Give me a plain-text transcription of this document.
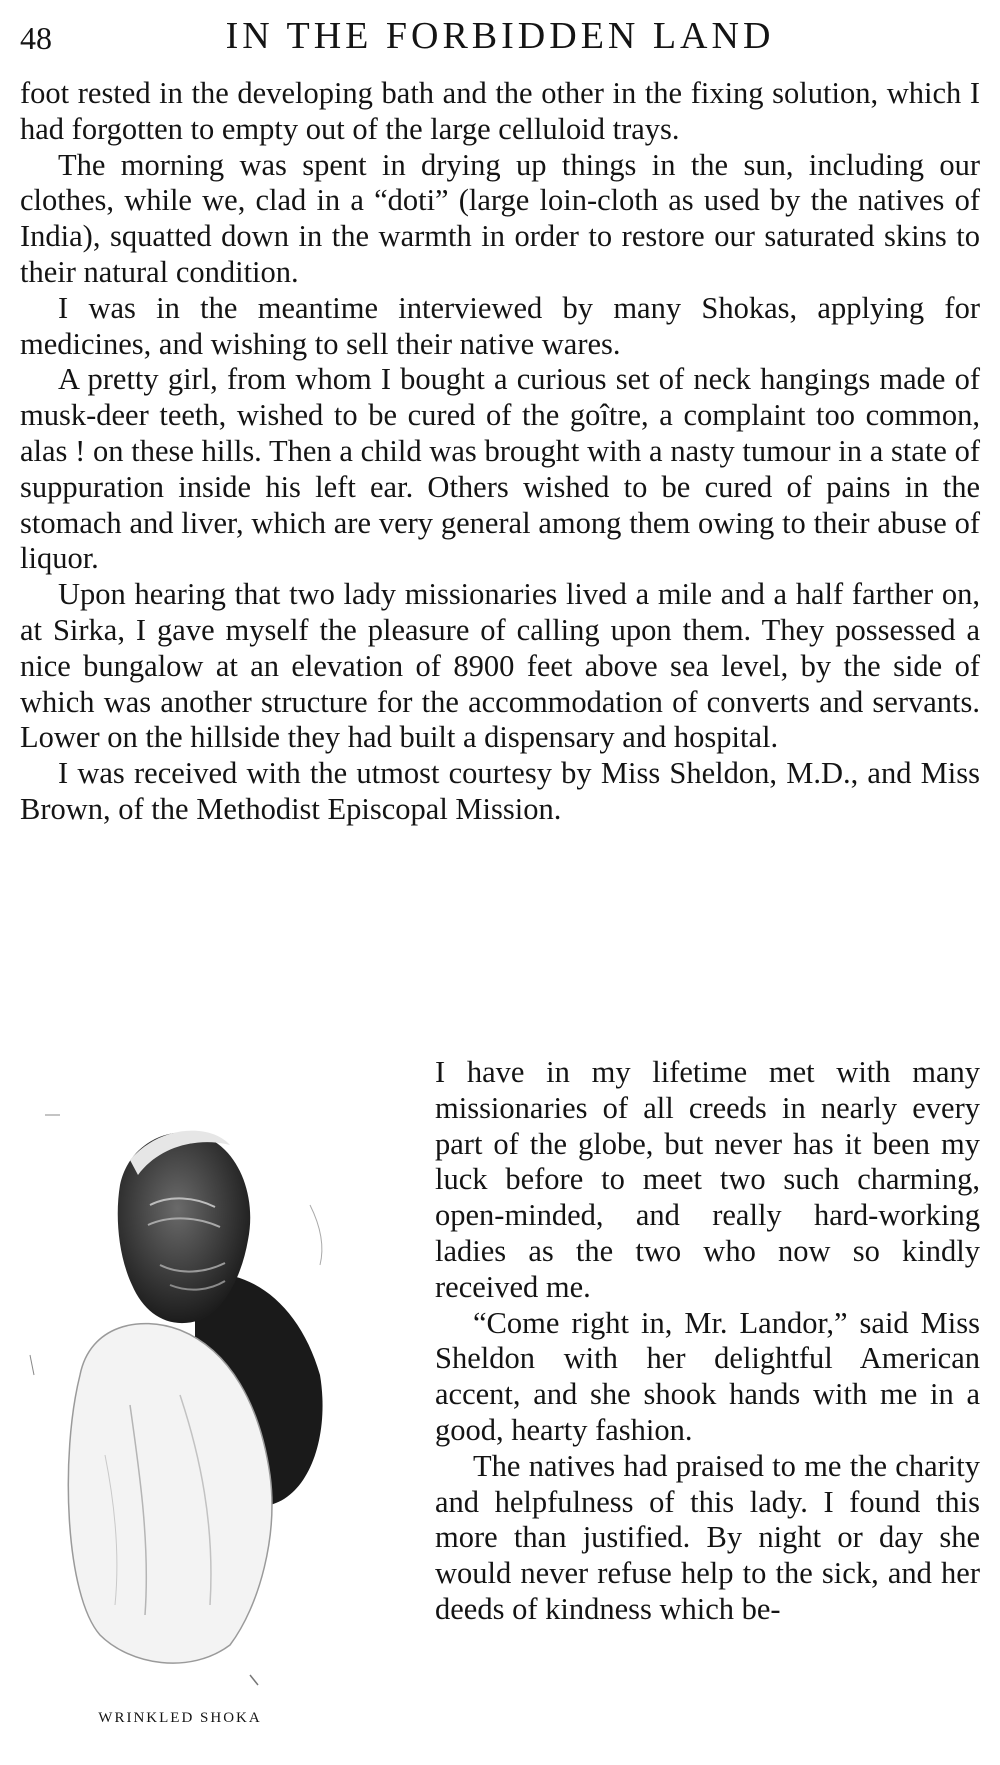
48	IN THE FORBIDDEN LAND

foot rested in the developing bath and the other in the fixing solution, which I had forgotten to empty out of the large celluloid trays.

The morning was spent in drying up things in the sun, including our clothes, while we, clad in a “doti” (large loin-cloth as used by the natives of India), squatted down in the warmth in order to restore our saturated skins to their natural condition.

I was in the meantime interviewed by many Shokas, applying for medicines, and wishing to sell their native wares.

A pretty girl, from whom I bought a curious set of neck hangings made of musk-deer teeth, wished to be cured of the goître, a complaint too common, alas ! on these hills. Then a child was brought with a nasty tumour in a state of suppuration inside his left ear. Others wished to be cured of pains in the stomach and liver, which are very general among them owing to their abuse of liquor.

Upon hearing that two lady missionaries lived a mile and a half farther on, at Sirka, I gave myself the pleasure of calling upon them. They possessed a nice bungalow at an elevation of 8900 feet above sea level, by the side of which was another structure for the accommodation of converts and servants. Lower on the hillside they had built a dispensary and hospital.

I was received with the utmost courtesy by Miss Sheldon, M.D., and Miss Brown, of the Methodist Episcopal Mission.

WRINKLED SHOKA

I have in my lifetime met with many missionaries of all creeds in nearly every part of the globe, but never has it been my luck before to meet two such charming, open-minded, and really hard-working ladies as the two who now so kindly received me.

“Come right in, Mr. Landor,” said Miss Sheldon with her delightful American accent, and she shook hands with me in a good, hearty fashion.

The natives had praised to me the charity and helpfulness of this lady. I found this more than justified. By night or day she would never refuse help to the sick, and her deeds of kindness which be-
